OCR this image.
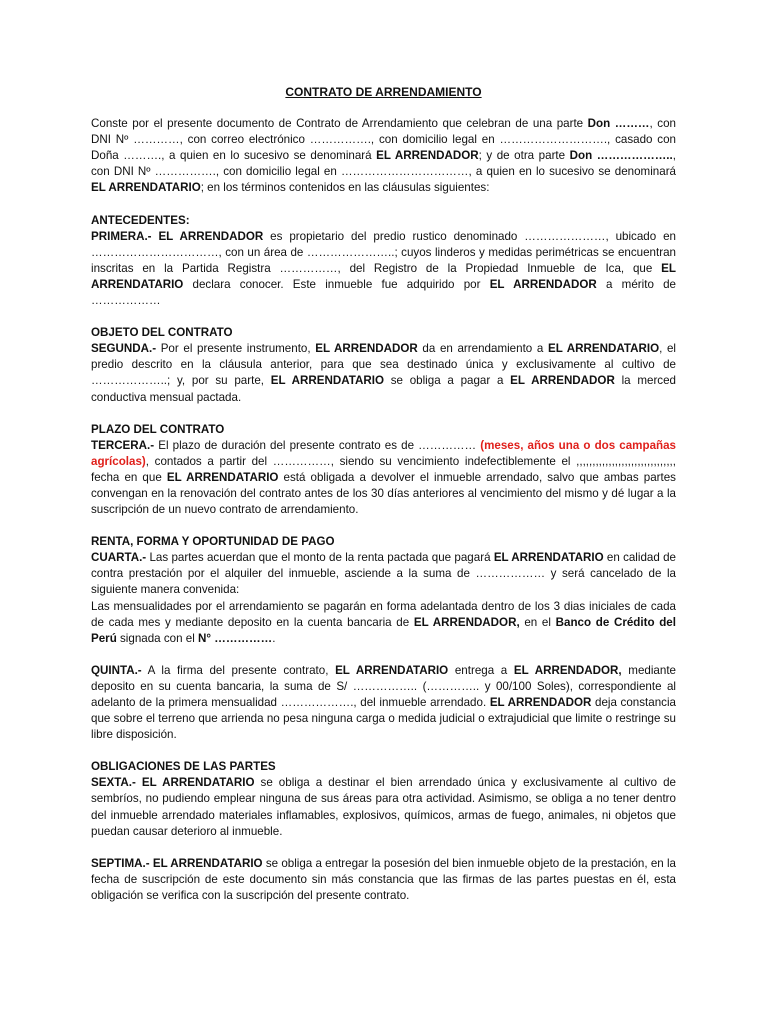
CONTRATO DE ARRENDAMIENTO

Conste por el presente documento de Contrato de Arrendamiento que celebran de una parte Don ………, con DNI Nº …………, con correo electrónico ……………., con domicilio legal en ………………………., casado con Doña ………., a quien en lo sucesivo se denominará EL ARRENDADOR; y de otra parte Don ……………….., con DNI Nº ……………., con domicilio legal en ……………………………, a quien en lo sucesivo se denominará EL ARRENDATARIO; en los términos contenidos en las cláusulas siguientes:

ANTECEDENTES:

PRIMERA.- EL ARRENDADOR es propietario del predio rustico denominado …………………, ubicado en ……………………………, con un área de …………………..; cuyos linderos y medidas perimétricas se encuentran inscritas en la Partida Registra ……………, del Registro de la Propiedad Inmueble de Ica, que EL ARRENDATARIO declara conocer. Este inmueble fue adquirido por EL ARRENDADOR a mérito de ………………

OBJETO DEL CONTRATO

SEGUNDA.- Por el presente instrumento, EL ARRENDADOR da en arrendamiento a EL ARRENDATARIO, el predio descrito en la cláusula anterior, para que sea destinado única y exclusivamente al cultivo de ………………..; y, por su parte, EL ARRENDATARIO se obliga a pagar a EL ARRENDADOR la merced conductiva mensual pactada.

PLAZO DEL CONTRATO

TERCERA.- El plazo de duración del presente contrato es de …………… (meses, años una o dos campañas agrícolas), contados a partir del ……………, siendo su vencimiento indefectiblemente el ,,,,,,,,,,,,,,,,,,,,,,,,,,,,,,, fecha en que EL ARRENDATARIO está obligada a devolver el inmueble arrendado, salvo que ambas partes convengan en la renovación del contrato antes de los 30 días anteriores al vencimiento del mismo y dé lugar a la suscripción de un nuevo contrato de arrendamiento.

RENTA, FORMA Y OPORTUNIDAD DE PAGO

CUARTA.- Las partes acuerdan que el monto de la renta pactada que pagará EL ARRENDATARIO en calidad de contra prestación por el alquiler del inmueble, asciende a la suma de ……………… y será cancelado de la siguiente manera convenida:

Las mensualidades por el arrendamiento se pagarán en forma adelantada dentro de los 3 dias iniciales de cada de cada mes y mediante deposito en la cuenta bancaria de EL ARRENDADOR, en el Banco de Crédito del Perú signada con el N° …………….

QUINTA.- A la firma del presente contrato, EL ARRENDATARIO entrega a EL ARRENDADOR, mediante deposito en su cuenta bancaria, la suma de S/ …………….. (………….. y 00/100 Soles), correspondiente al adelanto de la primera mensualidad ………………., del inmueble arrendado. EL ARRENDADOR deja constancia que sobre el terreno que arrienda no pesa ninguna carga o medida judicial o extrajudicial que limite o restringe su libre disposición.

OBLIGACIONES DE LAS PARTES

SEXTA.- EL ARRENDATARIO se obliga a destinar el bien arrendado única y exclusivamente al cultivo de sembríos, no pudiendo emplear ninguna de sus áreas para otra actividad. Asimismo, se obliga a no tener dentro del inmueble arrendado materiales inflamables, explosivos, químicos, armas de fuego, animales, ni objetos que puedan causar deterioro al inmueble.

SEPTIMA.- EL ARRENDATARIO se obliga a entregar la posesión del bien inmueble objeto de la prestación, en la fecha de suscripción de este documento sin más constancia que las firmas de las partes puestas en él, esta obligación se verifica con la suscripción del presente contrato.
